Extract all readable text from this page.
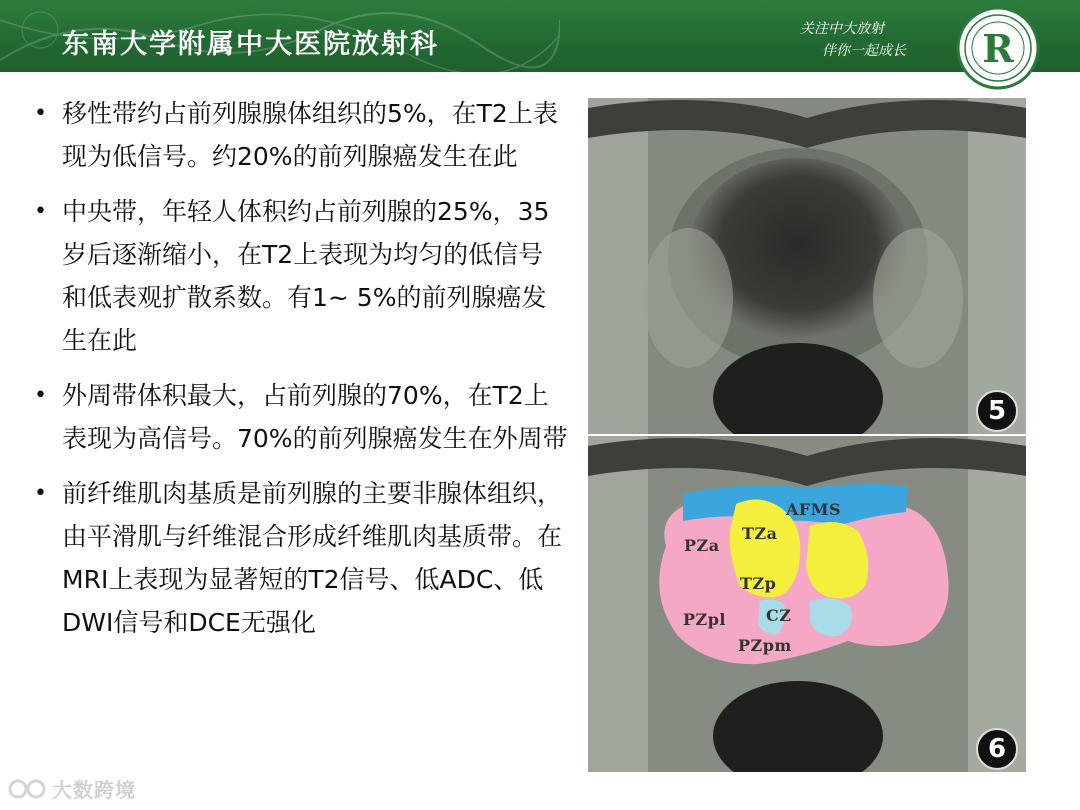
东南大学附属中大医院放射科	关注中大放射
伴你一起成长	R
• 移性带约占前列腺腺体组织的5%，在T2上表现为低信号。约20%的前列腺癌发生在此
• 中央带，年轻人体积约占前列腺的25%，35岁后逐渐缩小，在T2上表现为均匀的低信号和低表观扩散系数。有1~ 5%的前列腺癌发生在此
• 外周带体积最大，占前列腺的70%，在T2上表现为高信号。70%的前列腺癌发生在外周带
• 前纤维肌肉基质是前列腺的主要非腺体组织，由平滑肌与纤维混合形成纤维肌肉基质带。在MRI上表现为显著短的T2信号、低ADC、低DWI信号和DCE无强化
5
AFMS
PZa
TZa
TZp
CZ
PZpl
PZpm
6
大数跨境
